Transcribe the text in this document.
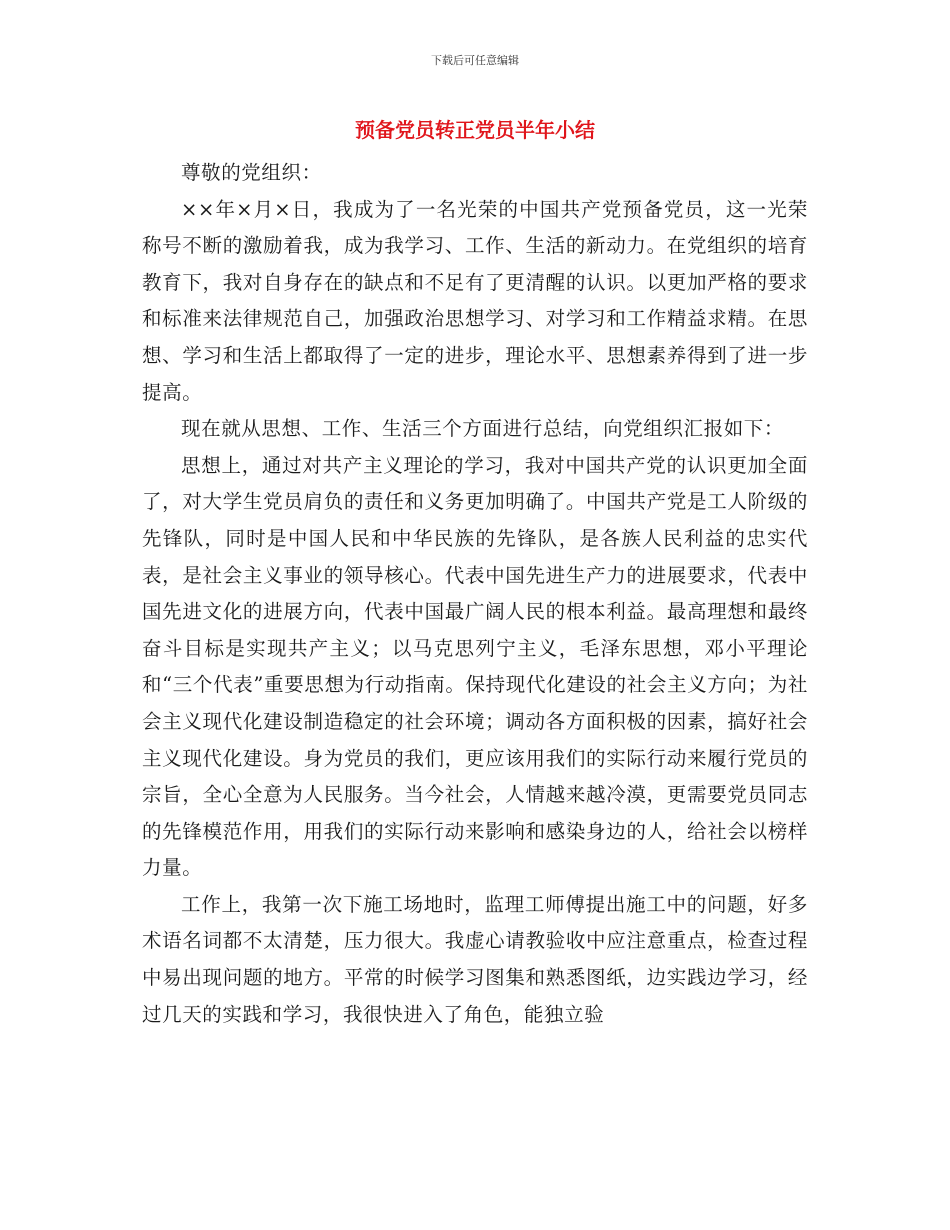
下载后可任意编辑
预备党员转正党员半年小结

尊敬的党组织：

××年×月×日，我成为了一名光荣的中国共产党预备党员，这一光荣称号不断的激励着我，成为我学习、工作、生活的新动力。在党组织的培育教育下，我对自身存在的缺点和不足有了更清醒的认识。以更加严格的要求和标准来法律规范自己，加强政治思想学习、对学习和工作精益求精。在思想、学习和生活上都取得了一定的进步，理论水平、思想素养得到了进一步提高。

现在就从思想、工作、生活三个方面进行总结，向党组织汇报如下：

思想上，通过对共产主义理论的学习，我对中国共产党的认识更加全面了，对大学生党员肩负的责任和义务更加明确了。中国共产党是工人阶级的先锋队，同时是中国人民和中华民族的先锋队，是各族人民利益的忠实代表，是社会主义事业的领导核心。代表中国先进生产力的进展要求，代表中国先进文化的进展方向，代表中国最广阔人民的根本利益。最高理想和最终奋斗目标是实现共产主义；以马克思列宁主义，毛泽东思想，邓小平理论和“三个代表”重要思想为行动指南。保持现代化建设的社会主义方向；为社会主义现代化建设制造稳定的社会环境；调动各方面积极的因素，搞好社会主义现代化建设。身为党员的我们，更应该用我们的实际行动来履行党员的宗旨，全心全意为人民服务。当今社会，人情越来越冷漠，更需要党员同志的先锋模范作用，用我们的实际行动来影响和感染身边的人，给社会以榜样力量。

工作上，我第一次下施工场地时，监理工师傅提出施工中的问题，好多术语名词都不太清楚，压力很大。我虚心请教验收中应注意重点，检查过程中易出现问题的地方。平常的时候学习图集和熟悉图纸，边实践边学习，经过几天的实践和学习，我很快进入了角色，能独立验
